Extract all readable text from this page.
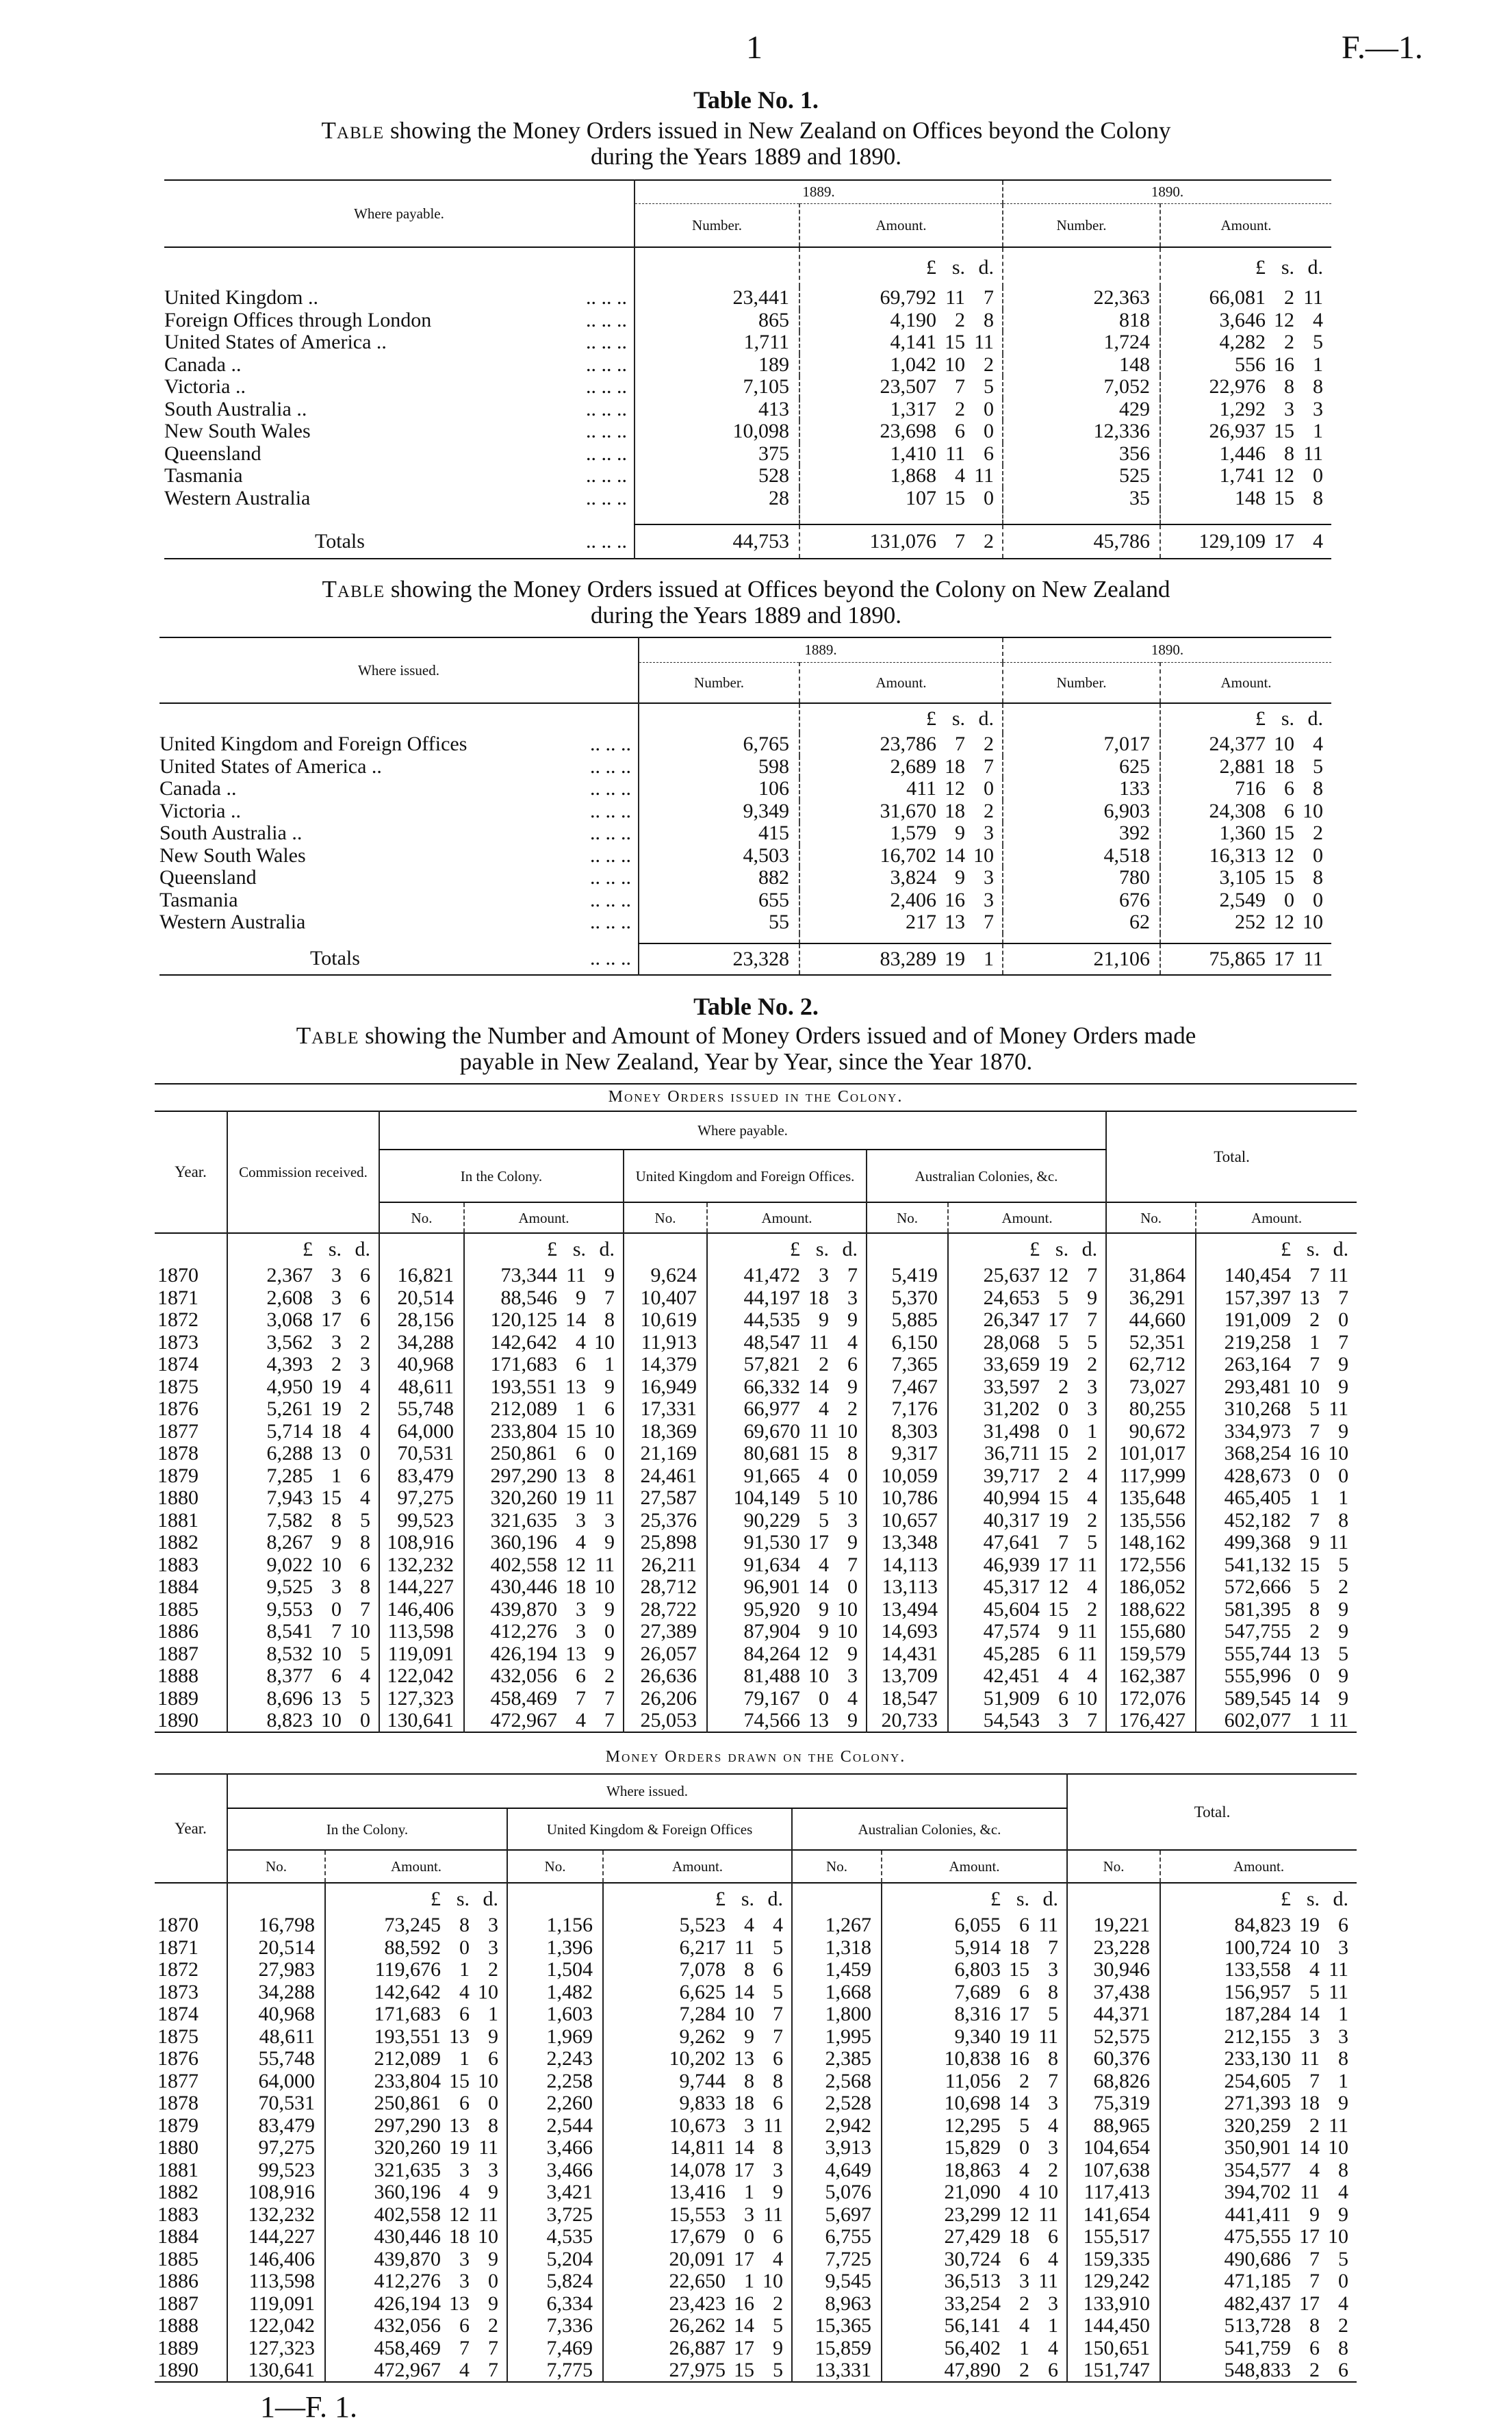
1	F.—1.
Table No. 1.
Table showing the Money Orders issued in New Zealand on Offices beyond the Colony
during the Years 1889 and 1890.
Where payable.	1889.		1890.	
	Number.	Amount.	Number.	Amount.

		£ s. d.		£ s. d.

United Kingdom .. .. .. ..	23,441	69,792 11 7	22,363	66,081 2 11

Foreign Offices through London .. .. ..	865	4,190 2 8	818	3,646 12 4

United States of America .. .. .. ..	1,711	4,141 15 11	1,724	4,282 2 5

Canada .. .. .. ..	189	1,042 10 2	148	556 16 1

Victoria .. .. .. ..	7,105	23,507 7 5	7,052	22,976 8 8

South Australia .. .. .. ..	413	1,317 2 0	429	1,292 3 3

New South Wales .. .. ..	10,098	23,698 6 0	12,336	26,937 15 1

Queensland .. .. ..	375	1,410 11 6	356	1,446 8 11

Tasmania .. .. ..	528	1,868 4 11	525	1,741 12 0

Western Australia .. .. ..	28	107 15 0	35	148 15 8

Totals .. .. ..	44,753	131,076 7 2	45,786	129,109 17 4
Table showing the Money Orders issued at Offices beyond the Colony on New Zealand
during the Years 1889 and 1890.
Where issued.	1889.		1890.	
	Number.	Amount.	Number.	Amount.

		£ s. d.		£ s. d.

United Kingdom and Foreign Offices .. .. ..	6,765	23,786 7 2	7,017	24,377 10 4

United States of America .. .. .. ..	598	2,689 18 7	625	2,881 18 5

Canada .. .. .. ..	106	411 12 0	133	716 6 8

Victoria .. .. .. ..	9,349	31,670 18 2	6,903	24,308 6 10

South Australia .. .. .. ..	415	1,579 9 3	392	1,360 15 2

New South Wales .. .. ..	4,503	16,702 14 10	4,518	16,313 12 0

Queensland .. .. ..	882	3,824 9 3	780	3,105 15 8

Tasmania .. .. ..	655	2,406 16 3	676	2,549 0 0

Western Australia .. .. ..	55	217 13 7	62	252 12 10

Totals .. .. ..	23,328	83,289 19 1	21,106	75,865 17 11
Table No. 2.
Table showing the Number and Amount of Money Orders issued and of Money Orders made
payable in New Zealand, Year by Year, since the Year 1870.
Money Orders issued in the Colony.
Year.	Commission received.	Where payable.						Total.	
		In the Colony.		United Kingdom and Foreign Offices.		Australian Colonies, &c.			
		No.	Amount.	No.	Amount.	No.	Amount.	No.	Amount.

	£ s. d.		£ s. d.		£ s. d.		£ s. d.		£ s. d.

1870	2,367 3 6	16,821	73,344 11 9	9,624	41,472 3 7	5,419	25,637 12 7	31,864	140,454 7 11

1871	2,608 3 6	20,514	88,546 9 7	10,407	44,197 18 3	5,370	24,653 5 9	36,291	157,397 13 7

1872	3,068 17 6	28,156	120,125 14 8	10,619	44,535 9 9	5,885	26,347 17 7	44,660	191,009 2 0

1873	3,562 3 2	34,288	142,642 4 10	11,913	48,547 11 4	6,150	28,068 5 5	52,351	219,258 1 7

1874	4,393 2 3	40,968	171,683 6 1	14,379	57,821 2 6	7,365	33,659 19 2	62,712	263,164 7 9

1875	4,950 19 4	48,611	193,551 13 9	16,949	66,332 14 9	7,467	33,597 2 3	73,027	293,481 10 9

1876	5,261 19 2	55,748	212,089 1 6	17,331	66,977 4 2	7,176	31,202 0 3	80,255	310,268 5 11

1877	5,714 18 4	64,000	233,804 15 10	18,369	69,670 11 10	8,303	31,498 0 1	90,672	334,973 7 9

1878	6,288 13 0	70,531	250,861 6 0	21,169	80,681 15 8	9,317	36,711 15 2	101,017	368,254 16 10

1879	7,285 1 6	83,479	297,290 13 8	24,461	91,665 4 0	10,059	39,717 2 4	117,999	428,673 0 0

1880	7,943 15 4	97,275	320,260 19 11	27,587	104,149 5 10	10,786	40,994 15 4	135,648	465,405 1 1

1881	7,582 8 5	99,523	321,635 3 3	25,376	90,229 5 3	10,657	40,317 19 2	135,556	452,182 7 8

1882	8,267 9 8	108,916	360,196 4 9	25,898	91,530 17 9	13,348	47,641 7 5	148,162	499,368 9 11

1883	9,022 10 6	132,232	402,558 12 11	26,211	91,634 4 7	14,113	46,939 17 11	172,556	541,132 15 5

1884	9,525 3 8	144,227	430,446 18 10	28,712	96,901 14 0	13,113	45,317 12 4	186,052	572,666 5 2

1885	9,553 0 7	146,406	439,870 3 9	28,722	95,920 9 10	13,494	45,604 15 2	188,622	581,395 8 9

1886	8,541 7 10	113,598	412,276 3 0	27,389	87,904 9 10	14,693	47,574 9 11	155,680	547,755 2 9

1887	8,532 10 5	119,091	426,194 13 9	26,057	84,264 12 9	14,431	45,285 6 11	159,579	555,744 13 5

1888	8,377 6 4	122,042	432,056 6 2	26,636	81,488 10 3	13,709	42,451 4 4	162,387	555,996 0 9

1889	8,696 13 5	127,323	458,469 7 7	26,206	79,167 0 4	18,547	51,909 6 10	172,076	589,545 14 9

1890	8,823 10 0	130,641	472,967 4 7	25,053	74,566 13 9	20,733	54,543 3 7	176,427	602,077 1 11
Money Orders drawn on the Colony.
Year.	Where issued.						Total.	
	In the Colony.		United Kingdom & Foreign Offices		Australian Colonies, &c.			
	No.	Amount.	No.	Amount.	No.	Amount.	No.	Amount.

		£ s. d.		£ s. d.		£ s. d.		£ s. d.

1870	16,798	73,245 8 3	1,156	5,523 4 4	1,267	6,055 6 11	19,221	84,823 19 6

1871	20,514	88,592 0 3	1,396	6,217 11 5	1,318	5,914 18 7	23,228	100,724 10 3

1872	27,983	119,676 1 2	1,504	7,078 8 6	1,459	6,803 15 3	30,946	133,558 4 11

1873	34,288	142,642 4 10	1,482	6,625 14 5	1,668	7,689 6 8	37,438	156,957 5 11

1874	40,968	171,683 6 1	1,603	7,284 10 7	1,800	8,316 17 5	44,371	187,284 14 1

1875	48,611	193,551 13 9	1,969	9,262 9 7	1,995	9,340 19 11	52,575	212,155 3 3

1876	55,748	212,089 1 6	2,243	10,202 13 6	2,385	10,838 16 8	60,376	233,130 11 8

1877	64,000	233,804 15 10	2,258	9,744 8 8	2,568	11,056 2 7	68,826	254,605 7 1

1878	70,531	250,861 6 0	2,260	9,833 18 6	2,528	10,698 14 3	75,319	271,393 18 9

1879	83,479	297,290 13 8	2,544	10,673 3 11	2,942	12,295 5 4	88,965	320,259 2 11

1880	97,275	320,260 19 11	3,466	14,811 14 8	3,913	15,829 0 3	104,654	350,901 14 10

1881	99,523	321,635 3 3	3,466	14,078 17 3	4,649	18,863 4 2	107,638	354,577 4 8

1882	108,916	360,196 4 9	3,421	13,416 1 9	5,076	21,090 4 10	117,413	394,702 11 4

1883	132,232	402,558 12 11	3,725	15,553 3 11	5,697	23,299 12 11	141,654	441,411 9 9

1884	144,227	430,446 18 10	4,535	17,679 0 6	6,755	27,429 18 6	155,517	475,555 17 10

1885	146,406	439,870 3 9	5,204	20,091 17 4	7,725	30,724 6 4	159,335	490,686 7 5

1886	113,598	412,276 3 0	5,824	22,650 1 10	9,545	36,513 3 11	129,242	471,185 7 0

1887	119,091	426,194 13 9	6,334	23,423 16 2	8,963	33,254 2 3	133,910	482,437 17 4

1888	122,042	432,056 6 2	7,336	26,262 14 5	15,365	56,141 4 1	144,450	513,728 8 2

1889	127,323	458,469 7 7	7,469	26,887 17 9	15,859	56,402 1 4	150,651	541,759 6 8

1890	130,641	472,967 4 7	7,775	27,975 15 5	13,331	47,890 2 6	151,747	548,833 2 6
1—F. 1.
